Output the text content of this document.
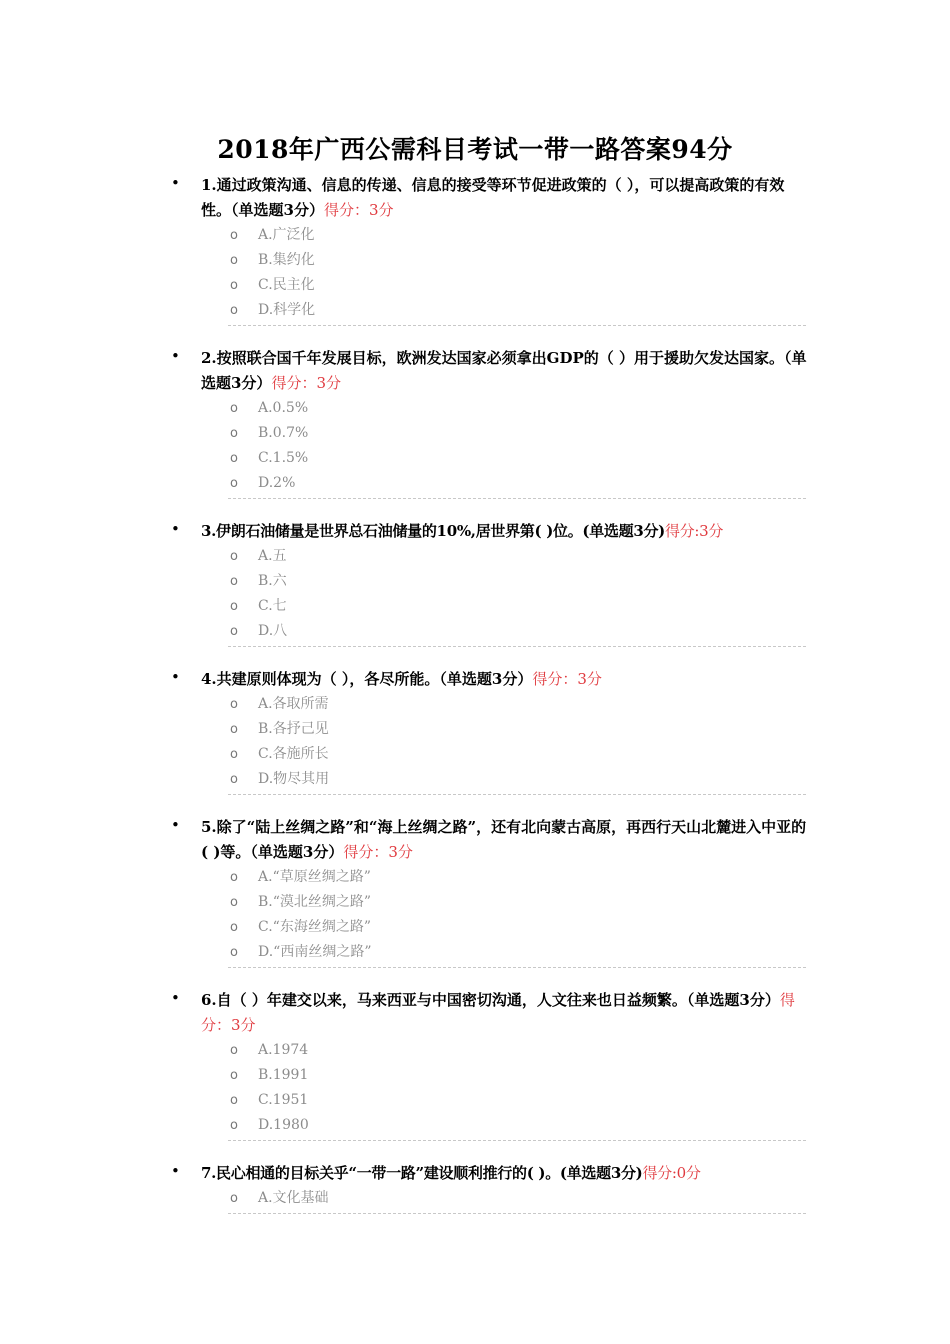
2018年广西公需科目考试一带一路答案94分
• 1.通过政策沟通、信息的传递、信息的接受等环节促进政策的（ ），可以提高政策的有效性。（单选题3分）得分：3分
o A.广泛化
o B.集约化
o C.民主化
o D.科学化
• 2.按照联合国千年发展目标，欧洲发达国家必须拿出GDP的（ ）用于援助欠发达国家。（单选题3分）得分：3分
o A.0.5%
o B.0.7%
o C.1.5%
o D.2%
• 3.伊朗石油储量是世界总石油储量的10%,居世界第( )位。(单选题3分)得分:3分
o A.五
o B.六
o C.七
o D.八
• 4.共建原则体现为（ ），各尽所能。（单选题3分）得分：3分
o A.各取所需
o B.各抒己见
o C.各施所长
o D.物尽其用
• 5.除了“陆上丝绸之路”和“海上丝绸之路”，还有北向蒙古高原，再西行天山北麓进入中亚的( )等。（单选题3分）得分：3分
o A.“草原丝绸之路”
o B.“漠北丝绸之路”
o C.“东海丝绸之路”
o D.“西南丝绸之路”
• 6.自（ ）年建交以来，马来西亚与中国密切沟通，人文往来也日益频繁。（单选题3分）得分：3分
o A.1974
o B.1991
o C.1951
o D.1980
• 7.民心相通的目标关乎“一带一路”建设顺利推行的( )。(单选题3分)得分:0分
o A.文化基础
